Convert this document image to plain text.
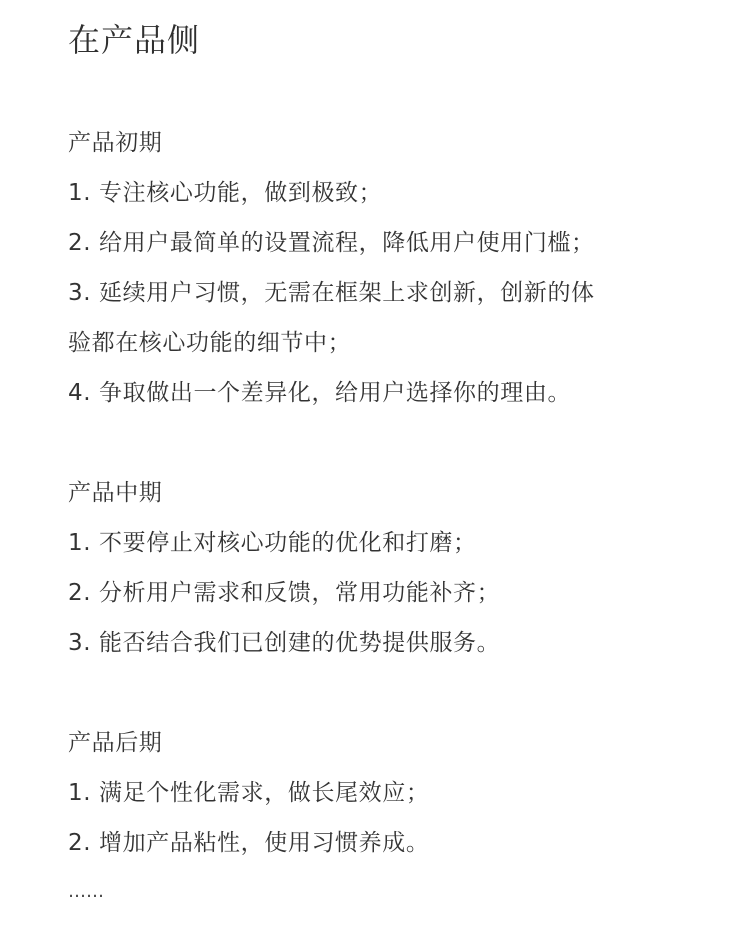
在产品侧
产品初期
1. 专注核心功能，做到极致；
2. 给用户最简单的设置流程，降低用户使用门槛；
3. 延续用户习惯，无需在框架上求创新，创新的体
验都在核心功能的细节中；
4. 争取做出一个差异化，给用户选择你的理由。
产品中期
1. 不要停止对核心功能的优化和打磨；
2. 分析用户需求和反馈，常用功能补齐；
3. 能否结合我们已创建的优势提供服务。
产品后期
1. 满足个性化需求，做长尾效应；
2. 增加产品粘性，使用习惯养成。
……
